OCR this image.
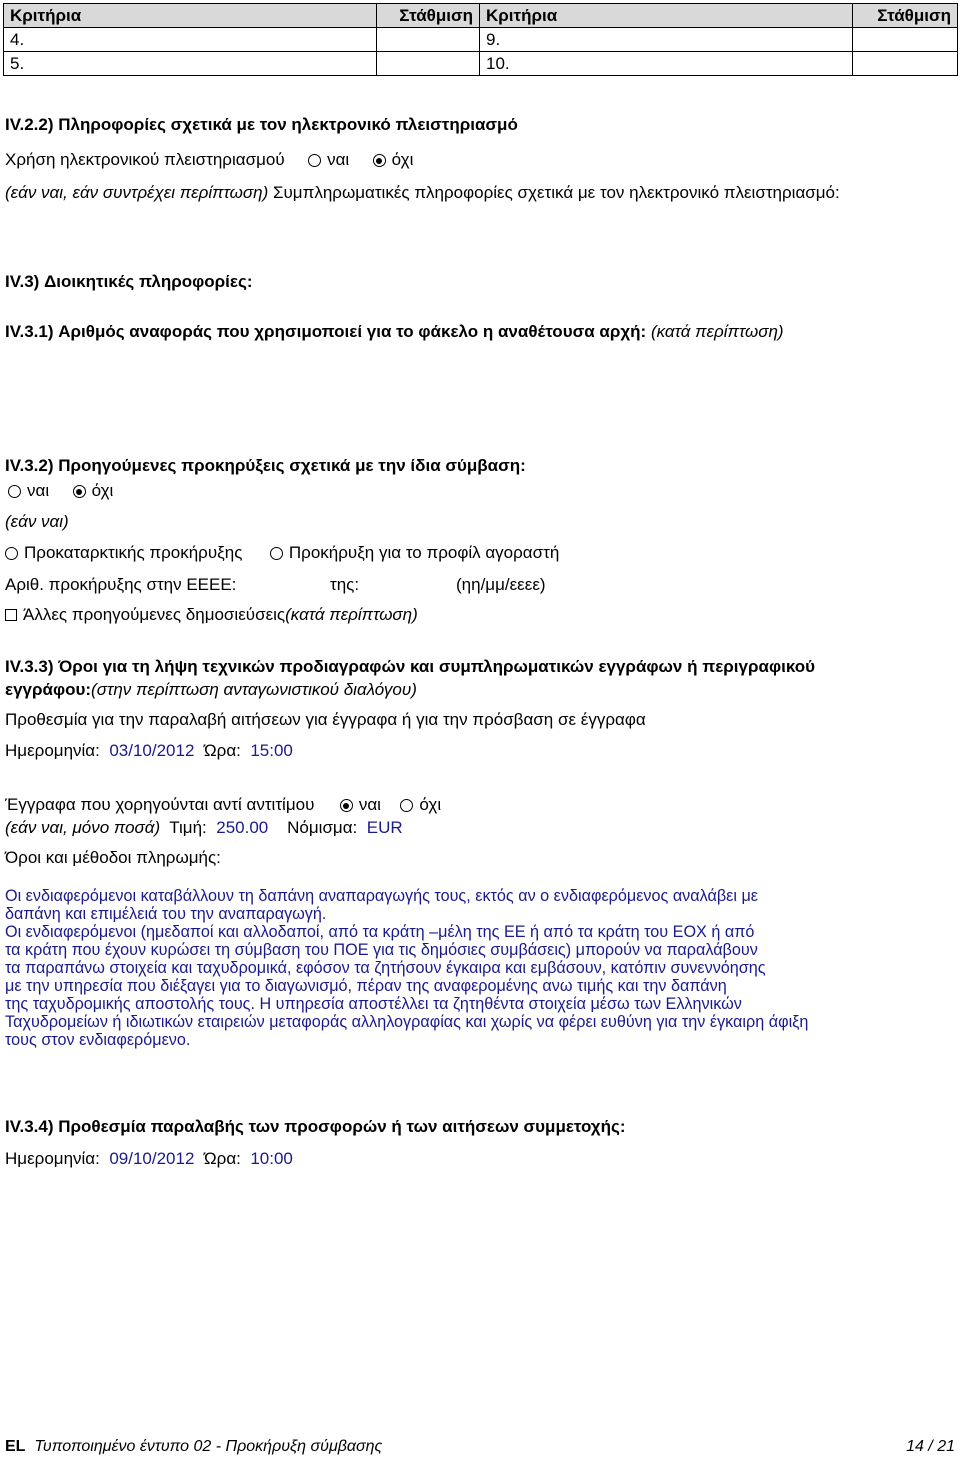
Κριτήρια	Στάθμιση	Κριτήρια	Στάθμιση
4.		9.	
5.		10.	
IV.2.2) Πληροφορίες σχετικά με τον ηλεκτρονικό πλειστηριασμό
Χρήση ηλεκτρονικού πλειστηριασμού ναι όχι
(εάν ναι, εάν συντρέχει περίπτωση) Συμπληρωματικές πληροφορίες σχετικά με τον ηλεκτρονικό πλειστηριασμό:
IV.3) Διοικητικές πληροφορίες:
IV.3.1) Αριθμός αναφοράς που χρησιμοποιεί για το φάκελο η αναθέτουσα αρχή: (κατά περίπτωση)
IV.3.2) Προηγούμενες προκηρύξεις σχετικά με την ίδια σύμβαση:
ναι όχι
(εάν ναι)
Προκαταρκτικής προκήρυξης	Προκήρυξη για το προφίλ αγοραστή
Αριθ. προκήρυξης στην ΕΕΕΕ:	της:	(ηη/μμ/εεεε)
Άλλες προηγούμενες δημοσιεύσεις(κατά περίπτωση)
IV.3.3) Όροι για τη λήψη τεχνικών προδιαγραφών και συμπληρωματικών εγγράφων ή περιγραφικού
εγγράφου:(στην περίπτωση ανταγωνιστικού διαλόγου)
Προθεσμία για την παραλαβή αιτήσεων για έγγραφα ή για την πρόσβαση σε έγγραφα
Ημερομηνία: 03/10/2012 Ώρα: 15:00
Έγγραφα που χορηγούνται αντί αντιτίμου	ναι όχι
(εάν ναι, μόνο ποσά) Τιμή: 250.00 Νόμισμα: EUR
Όροι και μέθοδοι πληρωμής:
Οι ενδιαφερόμενοι καταβάλλουν τη δαπάνη αναπαραγωγής τους, εκτός αν ο ενδιαφερόμενος αναλάβει με
δαπάνη και επιμέλειά του την αναπαραγωγή.
Οι ενδιαφερόμενοι (ημεδαποί και αλλοδαποί, από τα κράτη –μέλη της ΕΕ ή από τα κράτη του ΕΟΧ ή από
τα κράτη που έχουν κυρώσει τη σύμβαση του ΠΟΕ για τις δημόσιες συμβάσεις) μπορούν να παραλάβουν
τα παραπάνω στοιχεία και ταχυδρομικά, εφόσον τα ζητήσουν έγκαιρα και εμβάσουν, κατόπιν συνεννόησης
με την υπηρεσία που διέξαγει για το διαγωνισμό, πέραν της αναφερομένης ανω τιμής και την δαπάνη
της ταχυδρομικής αποστολής τους. Η υπηρεσία αποστέλλει τα ζητηθέντα στοιχεία μέσω των Ελληνικών
Ταχυδρομείων ή ιδιωτικών εταιρειών μεταφοράς αλληλογραφίας και χωρίς να φέρει ευθύνη για την έγκαιρη άφιξη
τους στον ενδιαφερόμενο.
IV.3.4) Προθεσμία παραλαβής των προσφορών ή των αιτήσεων συμμετοχής:
Ημερομηνία: 09/10/2012 Ώρα: 10:00
EL Τυποποιημένο έντυπο 02 - Προκήρυξη σύμβασης	14 / 21
